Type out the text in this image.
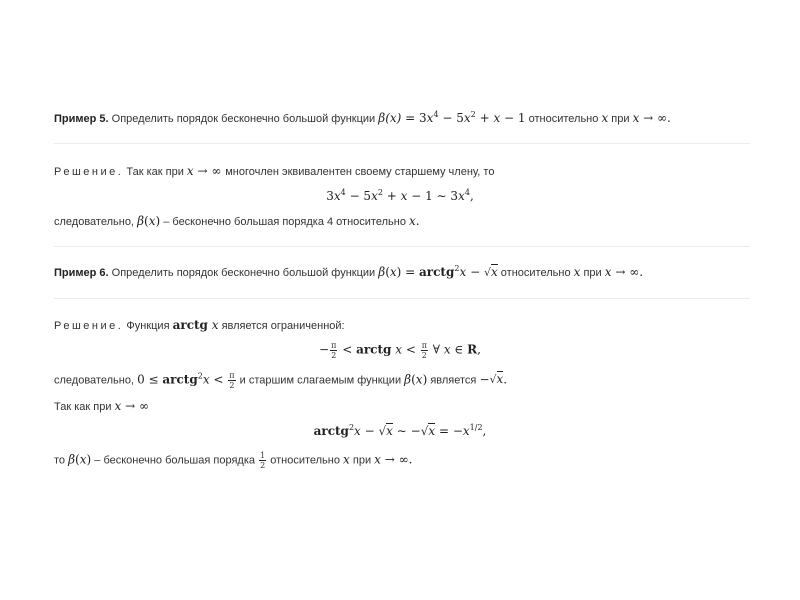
Пример 5. Определить порядок бесконечно большой функции $\beta(x) = 3x^4 - 5x^2 + x - 1$ относительно x при x → ∞.
Решение. Так как при x → ∞ многочлен эквивалентен своему старшему члену, то
$3x^4 - 5x^2 + x - 1$ ∼ $3x^4$,
следовательно, β(x) – бесконечно большая порядка 4 относительно x.
Пример 6. Определить порядок бесконечно большой функции β(x) = arctg$^2$x − √x относительно x при x → ∞.
Решение. Функция arctg x является ограниченной:
− $\frac{\pi}{2}$ < arctg $x < \frac{\pi}{2}$ ∀ x ∈ R,
следовательно, 0 ≤ arctg$^2$x < $\frac{\pi}{2}$ и старшим слагаемым функции β(x) является −√x.
Так как при x → ∞
arctg$^2$x − √x ∼ $-√x = -x^{1/2}$,
то β(x) – бесконечно большая порядка $\frac{1}{2}$ относительно x при x → ∞.
